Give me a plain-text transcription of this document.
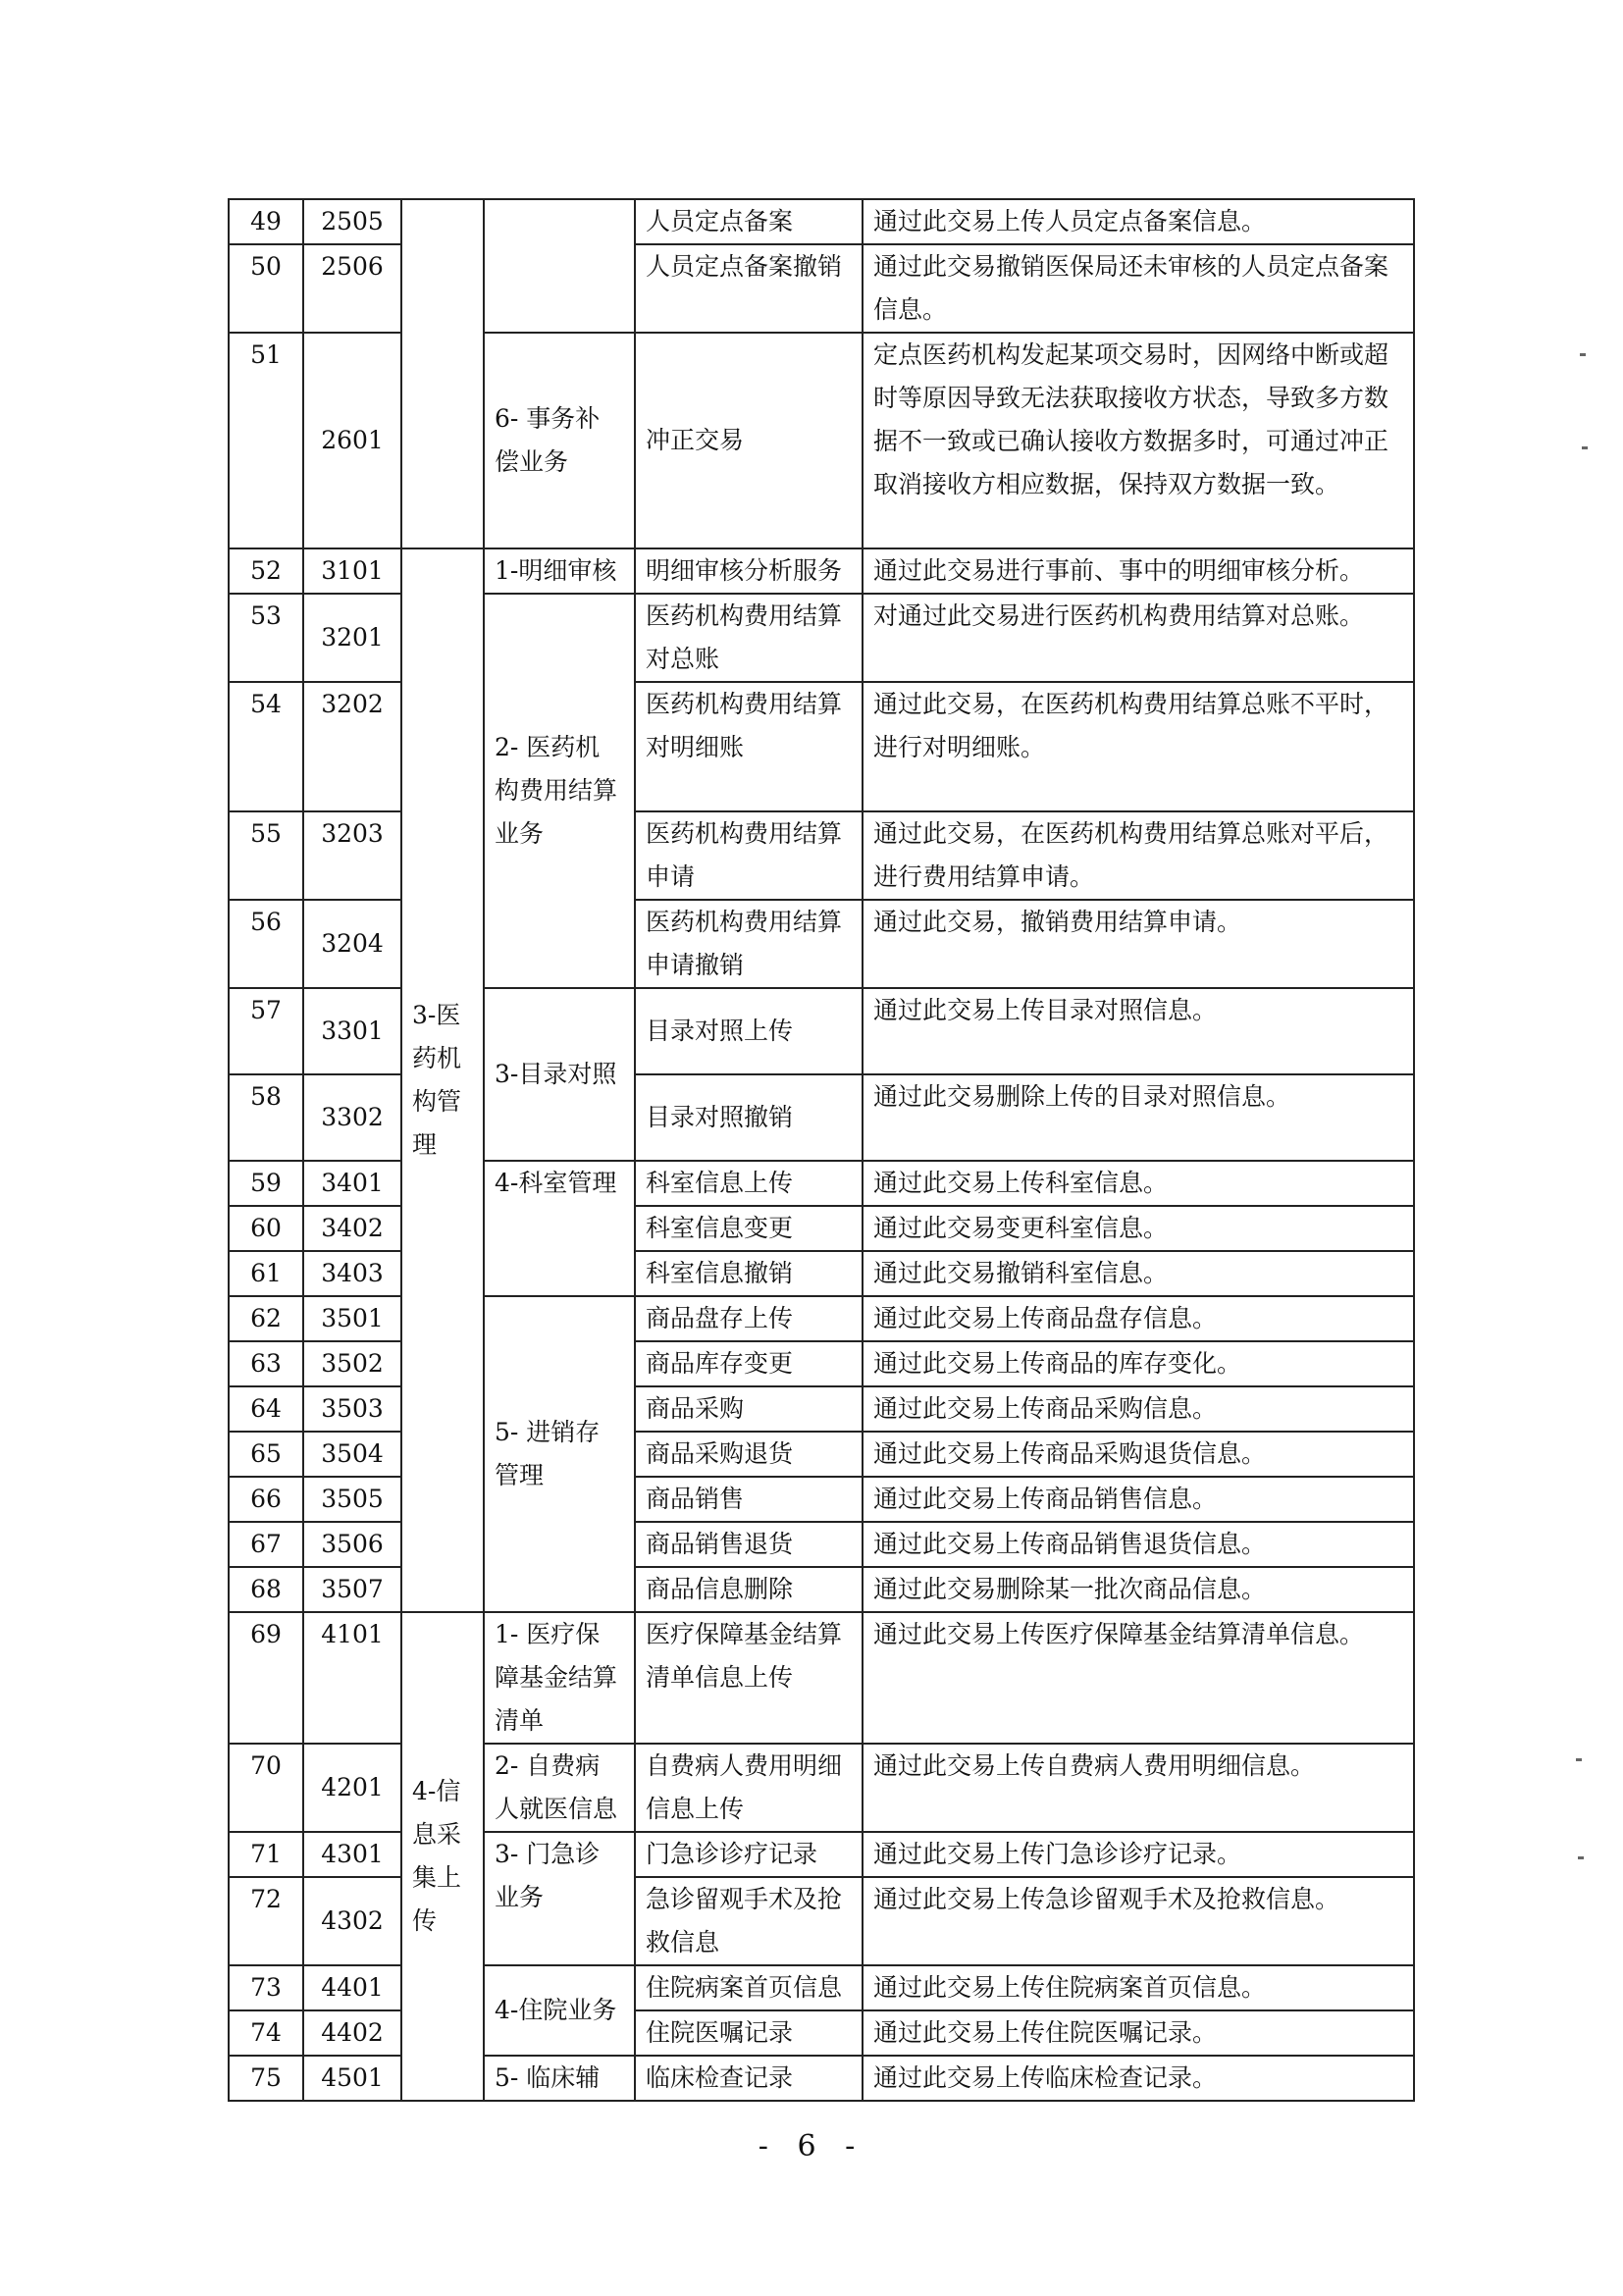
49	2505			人员定点备案	通过此交易上传人员定点备案信息。
50	2506			人员定点备案撤销	通过此交易撤销医保局还未审核的人员定点备案信息。
51	2601		6- 事务补偿业务	冲正交易	定点医药机构发起某项交易时，因网络中断或超时等原因导致无法获取接收方状态，导致多方数据不一致或已确认接收方数据多时，可通过冲正取消接收方相应数据，保持双方数据一致。
52	3101	3-医药机构管理	1-明细审核	明细审核分析服务	通过此交易进行事前、事中的明细审核分析。
53	3201		2- 医药机构费用结算业务	医药机构费用结算对总账	对通过此交易进行医药机构费用结算对总账。
54	3202			医药机构费用结算对明细账	通过此交易，在医药机构费用结算总账不平时，进行对明细账。
55	3203			医药机构费用结算申请	通过此交易，在医药机构费用结算总账对平后，进行费用结算申请。
56	3204			医药机构费用结算申请撤销	通过此交易，撤销费用结算申请。
57	3301		3-目录对照	目录对照上传	通过此交易上传目录对照信息。
58	3302			目录对照撤销	通过此交易删除上传的目录对照信息。
59	3401		4-科室管理	科室信息上传	通过此交易上传科室信息。
60	3402			科室信息变更	通过此交易变更科室信息。
61	3403			科室信息撤销	通过此交易撤销科室信息。
62	3501		5- 进销存管理	商品盘存上传	通过此交易上传商品盘存信息。
63	3502			商品库存变更	通过此交易上传商品的库存变化。
64	3503			商品采购	通过此交易上传商品采购信息。
65	3504			商品采购退货	通过此交易上传商品采购退货信息。
66	3505			商品销售	通过此交易上传商品销售信息。
67	3506			商品销售退货	通过此交易上传商品销售退货信息。
68	3507			商品信息删除	通过此交易删除某一批次商品信息。
69	4101	4-信息采集上传	1- 医疗保障基金结算清单	医疗保障基金结算清单信息上传	通过此交易上传医疗保障基金结算清单信息。
70	4201		2- 自费病人就医信息	自费病人费用明细信息上传	通过此交易上传自费病人费用明细信息。
71	4301		3- 门急诊业务	门急诊诊疗记录	通过此交易上传门急诊诊疗记录。
72	4302			急诊留观手术及抢救信息	通过此交易上传急诊留观手术及抢救信息。
73	4401		4-住院业务	住院病案首页信息	通过此交易上传住院病案首页信息。
74	4402			住院医嘱记录	通过此交易上传住院医嘱记录。
75	4501		5- 临床辅	临床检查记录	通过此交易上传临床检查记录。
- 6 -
